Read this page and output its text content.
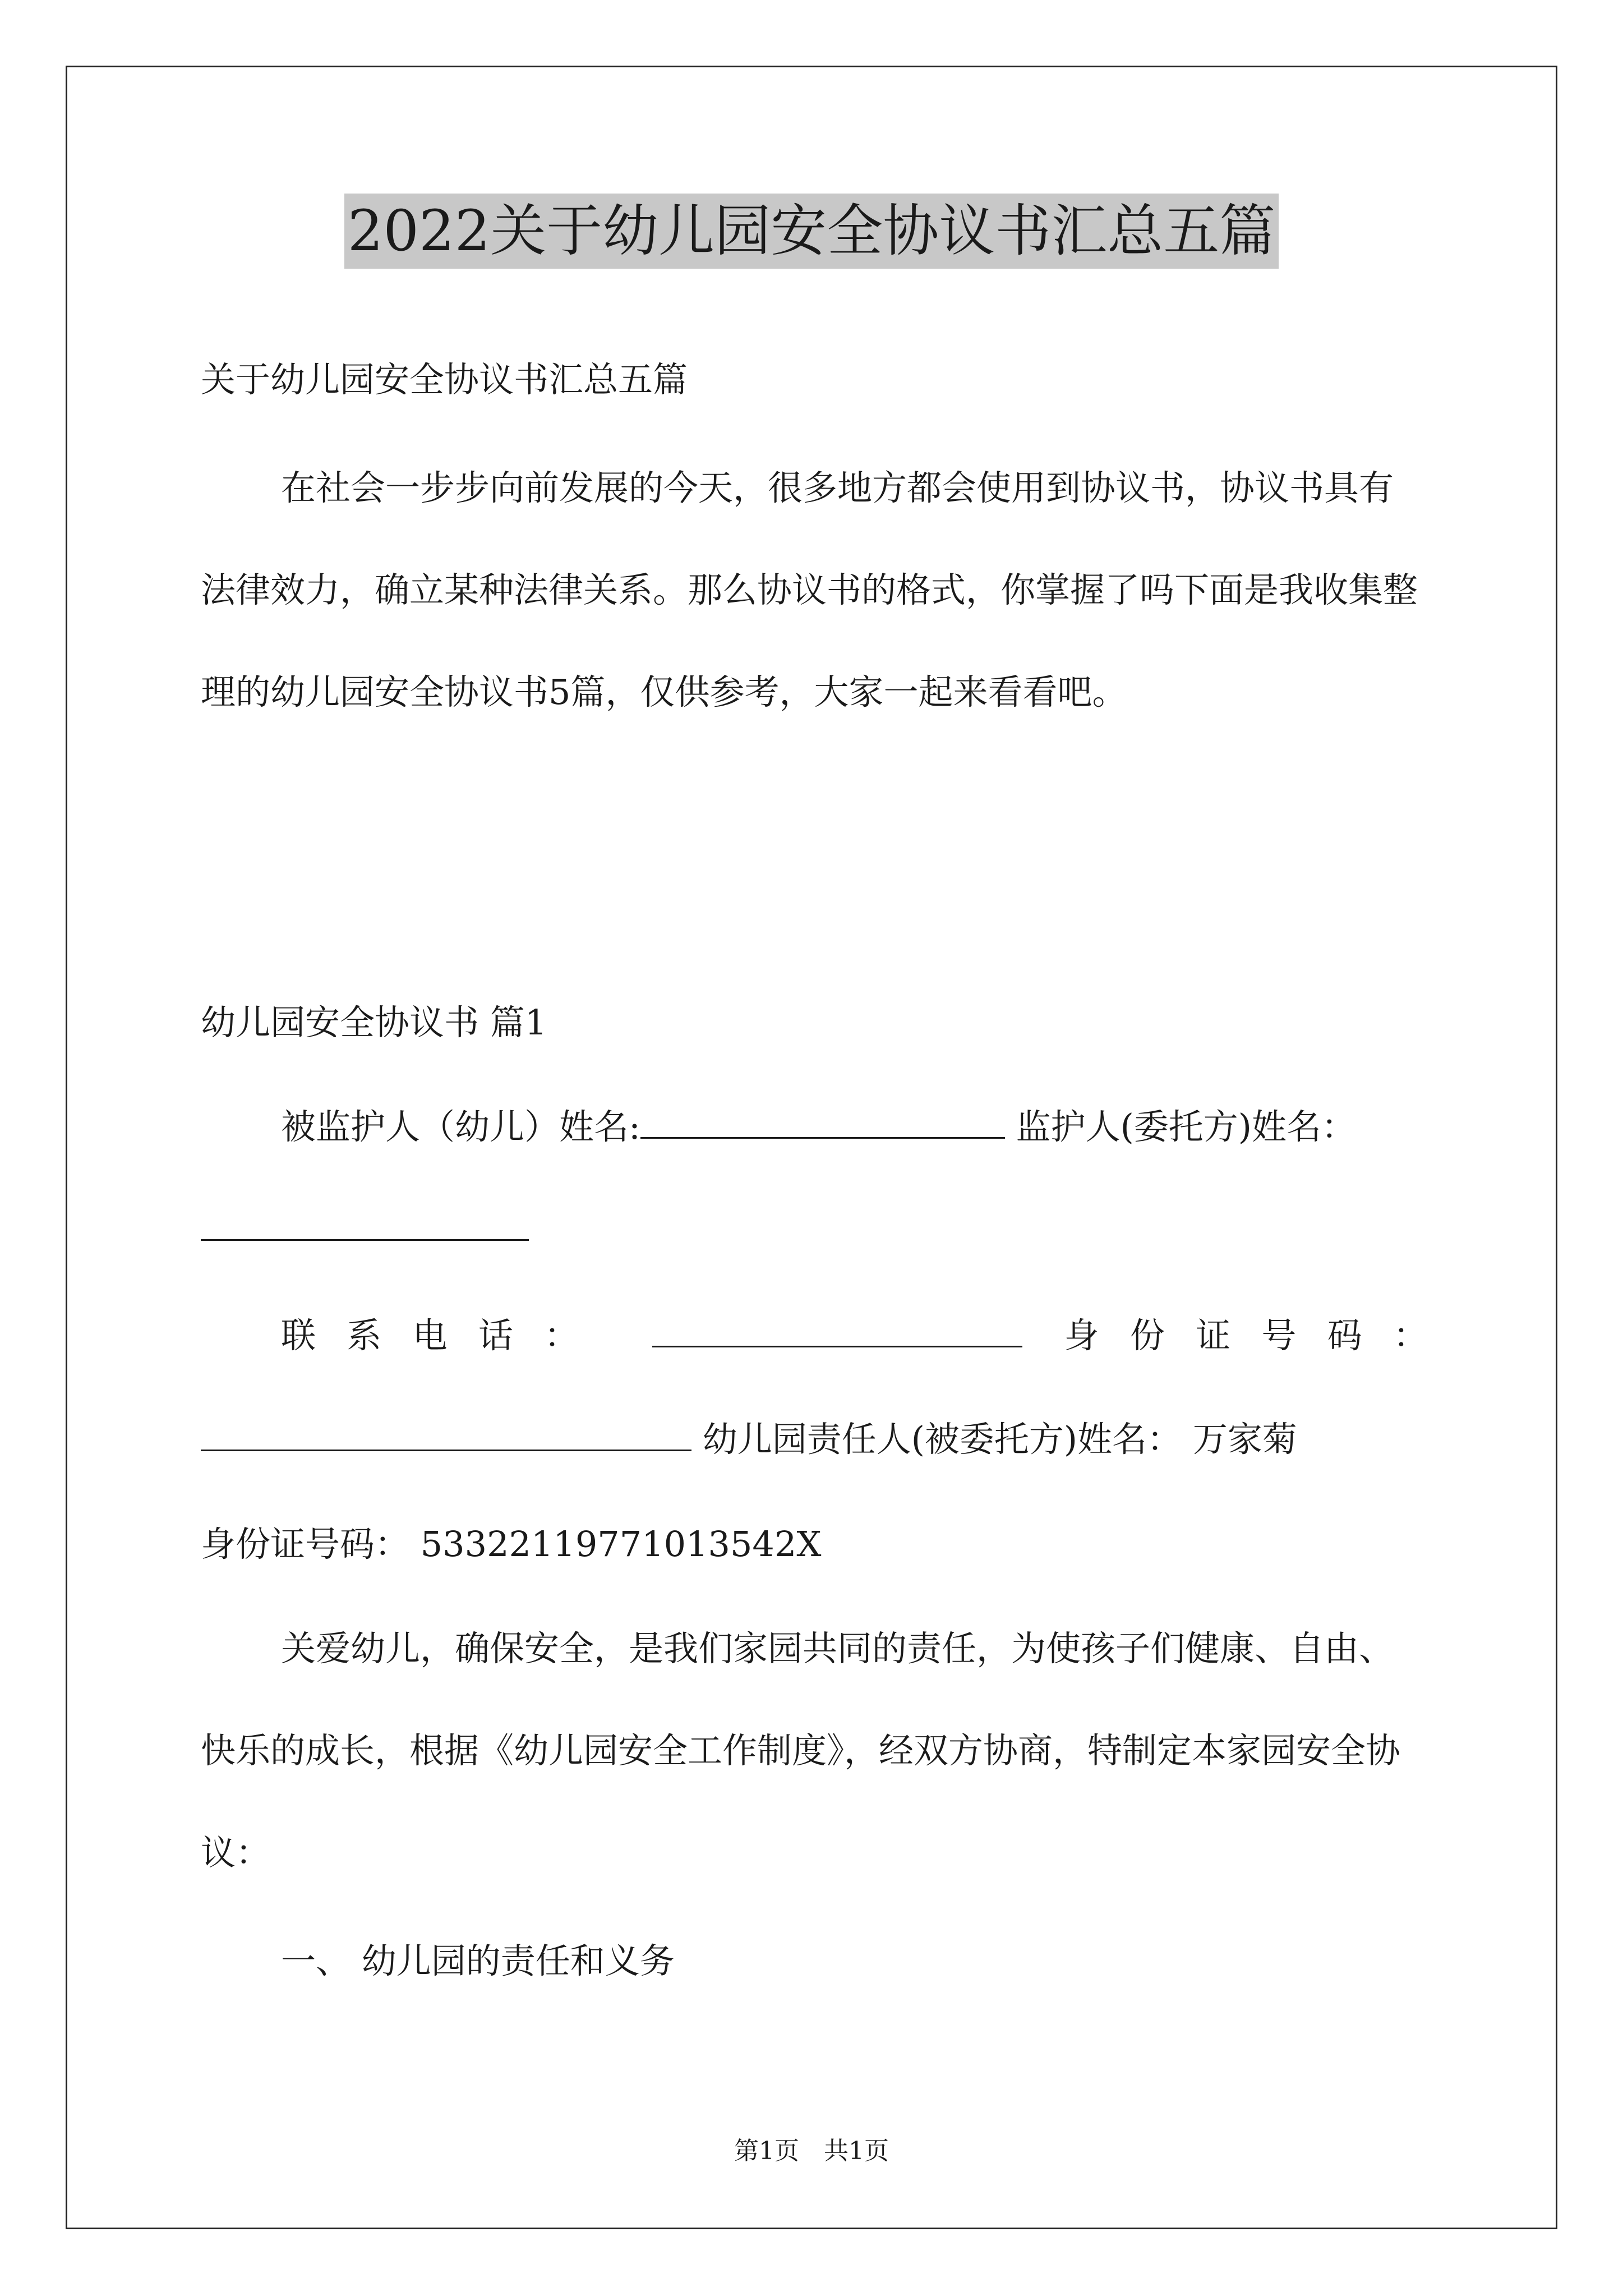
2022关于幼儿园安全协议书汇总五篇

关于幼儿园安全协议书汇总五篇

在社会一步步向前发展的今天，很多地方都会使用到协议书，协议书具有法律效力，确立某种法律关系。那么协议书的格式，你掌握了吗下面是我收集整理的幼儿园安全协议书5篇，仅供参考，大家一起来看看吧。

幼儿园安全协议书 篇1

被监护人（幼儿）姓名:	监护人(委托方)姓名：

联系电话：	身份证号码：

幼儿园责任人(被委托方)姓名： 万家菊

身份证号码： 53322119771013542X

关爱幼儿，确保安全，是我们家园共同的责任，为使孩子们健康、自由、快乐的成长，根据《幼儿园安全工作制度》，经双方协商，特制定本家园安全协议：

一、 幼儿园的责任和义务

第1页　共1页
